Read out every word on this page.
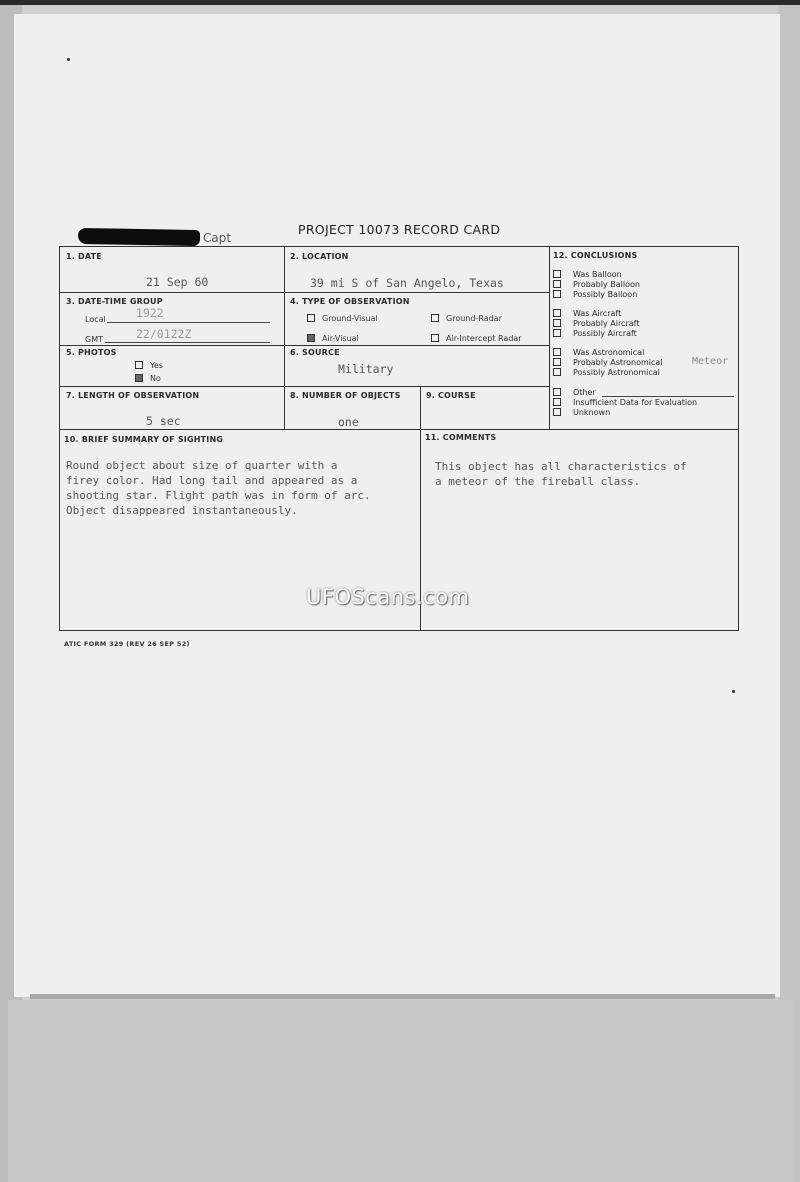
Capt
PROJECT 10073 RECORD CARD
1. DATE
21 Sep 60
2. LOCATION
39 mi S of San Angelo, Texas
3. DATE-TIME GROUP
Local	1922
GMT	22/0122Z
4. TYPE OF OBSERVATION
Ground-Visual	Ground-Radar
Air-Visual	Air-Intercept Radar
5. PHOTOS
Yes
No
6. SOURCE
Military
7. LENGTH OF OBSERVATION
5 sec
8. NUMBER OF OBJECTS
one
9. COURSE
10. BRIEF SUMMARY OF SIGHTING
Round object about size of quarter with a
firey color. Had long tail and appeared as a
shooting star. Flight path was in form of arc.
Object disappeared instantaneously.
11. COMMENTS
This object has all characteristics of
a meteor of the fireball class.
12. CONCLUSIONS
Was Balloon
Probably Balloon
Possibly Balloon
Was Aircraft
Probably Aircraft
Possibly Aircraft
Was Astronomical
Probably Astronomical
Possibly Astronomical
Meteor
Other
Insufficient Data for Evaluation
Unknown
ATIC FORM 329 (REV 26 SEP 52)
UFOScans.com
